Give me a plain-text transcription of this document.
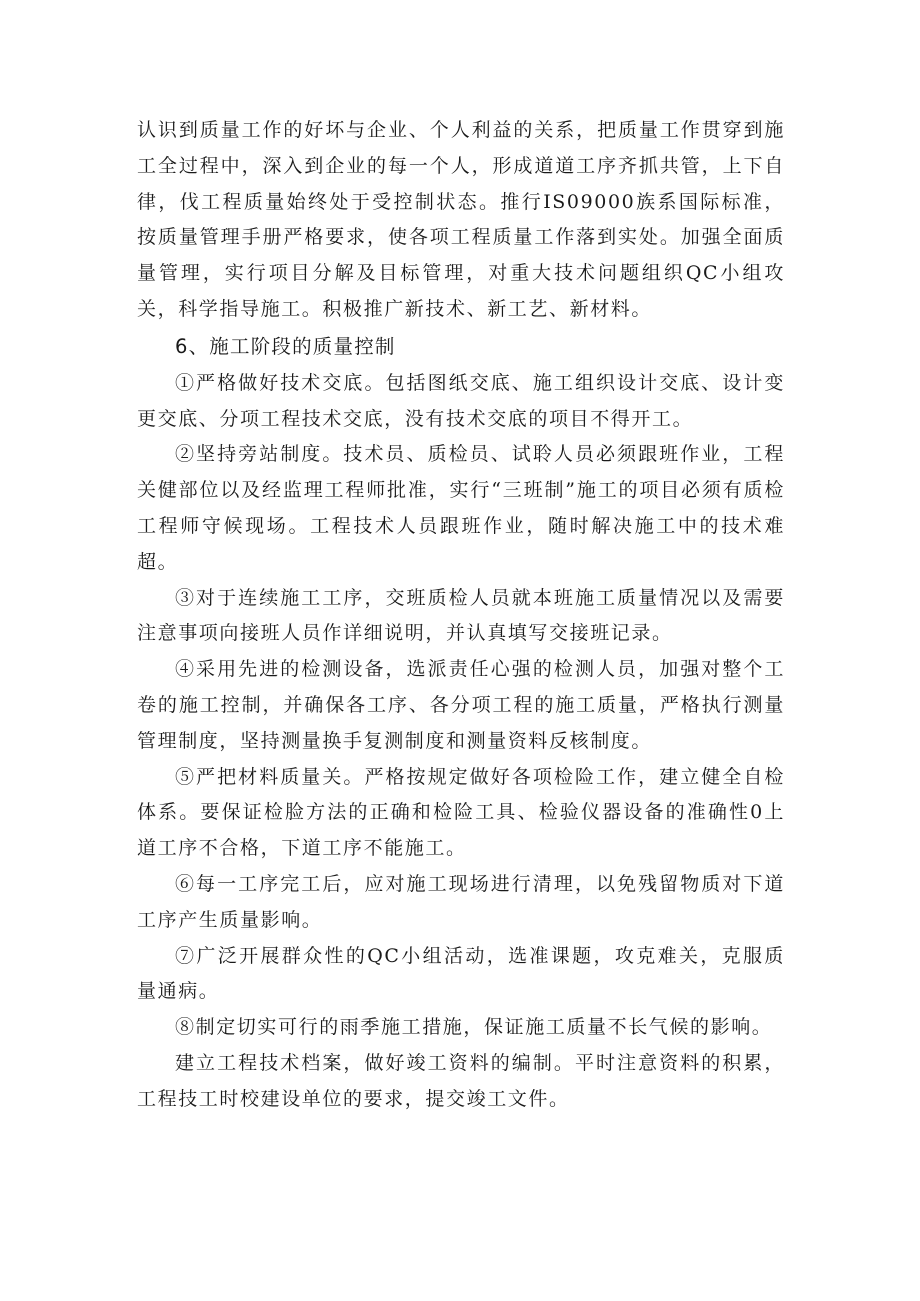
认识到质量工作的好坏与企业、个人利益的关系，把质量工作贯穿到施工全过程中，深入到企业的每一个人，形成道道工序齐抓共管，上下自律，伐工程质量始终处于受控制状态。推行IS09000族系国际标准，按质量管理手册严格要求，使各项工程质量工作落到实处。加强全面质量管理，实行项目分解及目标管理，对重大技术问题组织QC小组攻关，科学指导施工。积极推广新技术、新工艺、新材料。

6、施工阶段的质量控制

①严格做好技术交底。包括图纸交底、施工组织设计交底、设计变更交底、分项工程技术交底，没有技术交底的项目不得开工。

②坚持旁站制度。技术员、质检员、试聆人员必须跟班作业，工程关健部位以及经监理工程师批准，实行“三班制”施工的项目必须有质检工程师守候现场。工程技术人员跟班作业，随时解决施工中的技术难超。

③对于连续施工工序，交班质检人员就本班施工质量情况以及需要注意事项向接班人员作详细说明，并认真填写交接班记录。

④采用先进的检测设备，选派责任心强的检测人员，加强对整个工卷的施工控制，并确保各工序、各分项工程的施工质量，严格执行测量管理制度，坚持测量换手复测制度和测量资料反核制度。

⑤严把材料质量关。严格按规定做好各项检险工作，建立健全自检体系。要保证检脸方法的正确和检险工具、检验仪器设备的准确性0上道工序不合格，下道工序不能施工。

⑥每一工序完工后，应对施工现场进行清理，以免残留物质对下道工序产生质量影响。

⑦广泛开展群众性的QC小组活动，选准课题，攻克难关，克服质量通病。

⑧制定切实可行的雨季施工措施，保证施工质量不长气候的影响。

建立工程技术档案，做好竣工资料的编制。平时注意资料的积累，工程技工时校建设单位的要求，提交竣工文件。
